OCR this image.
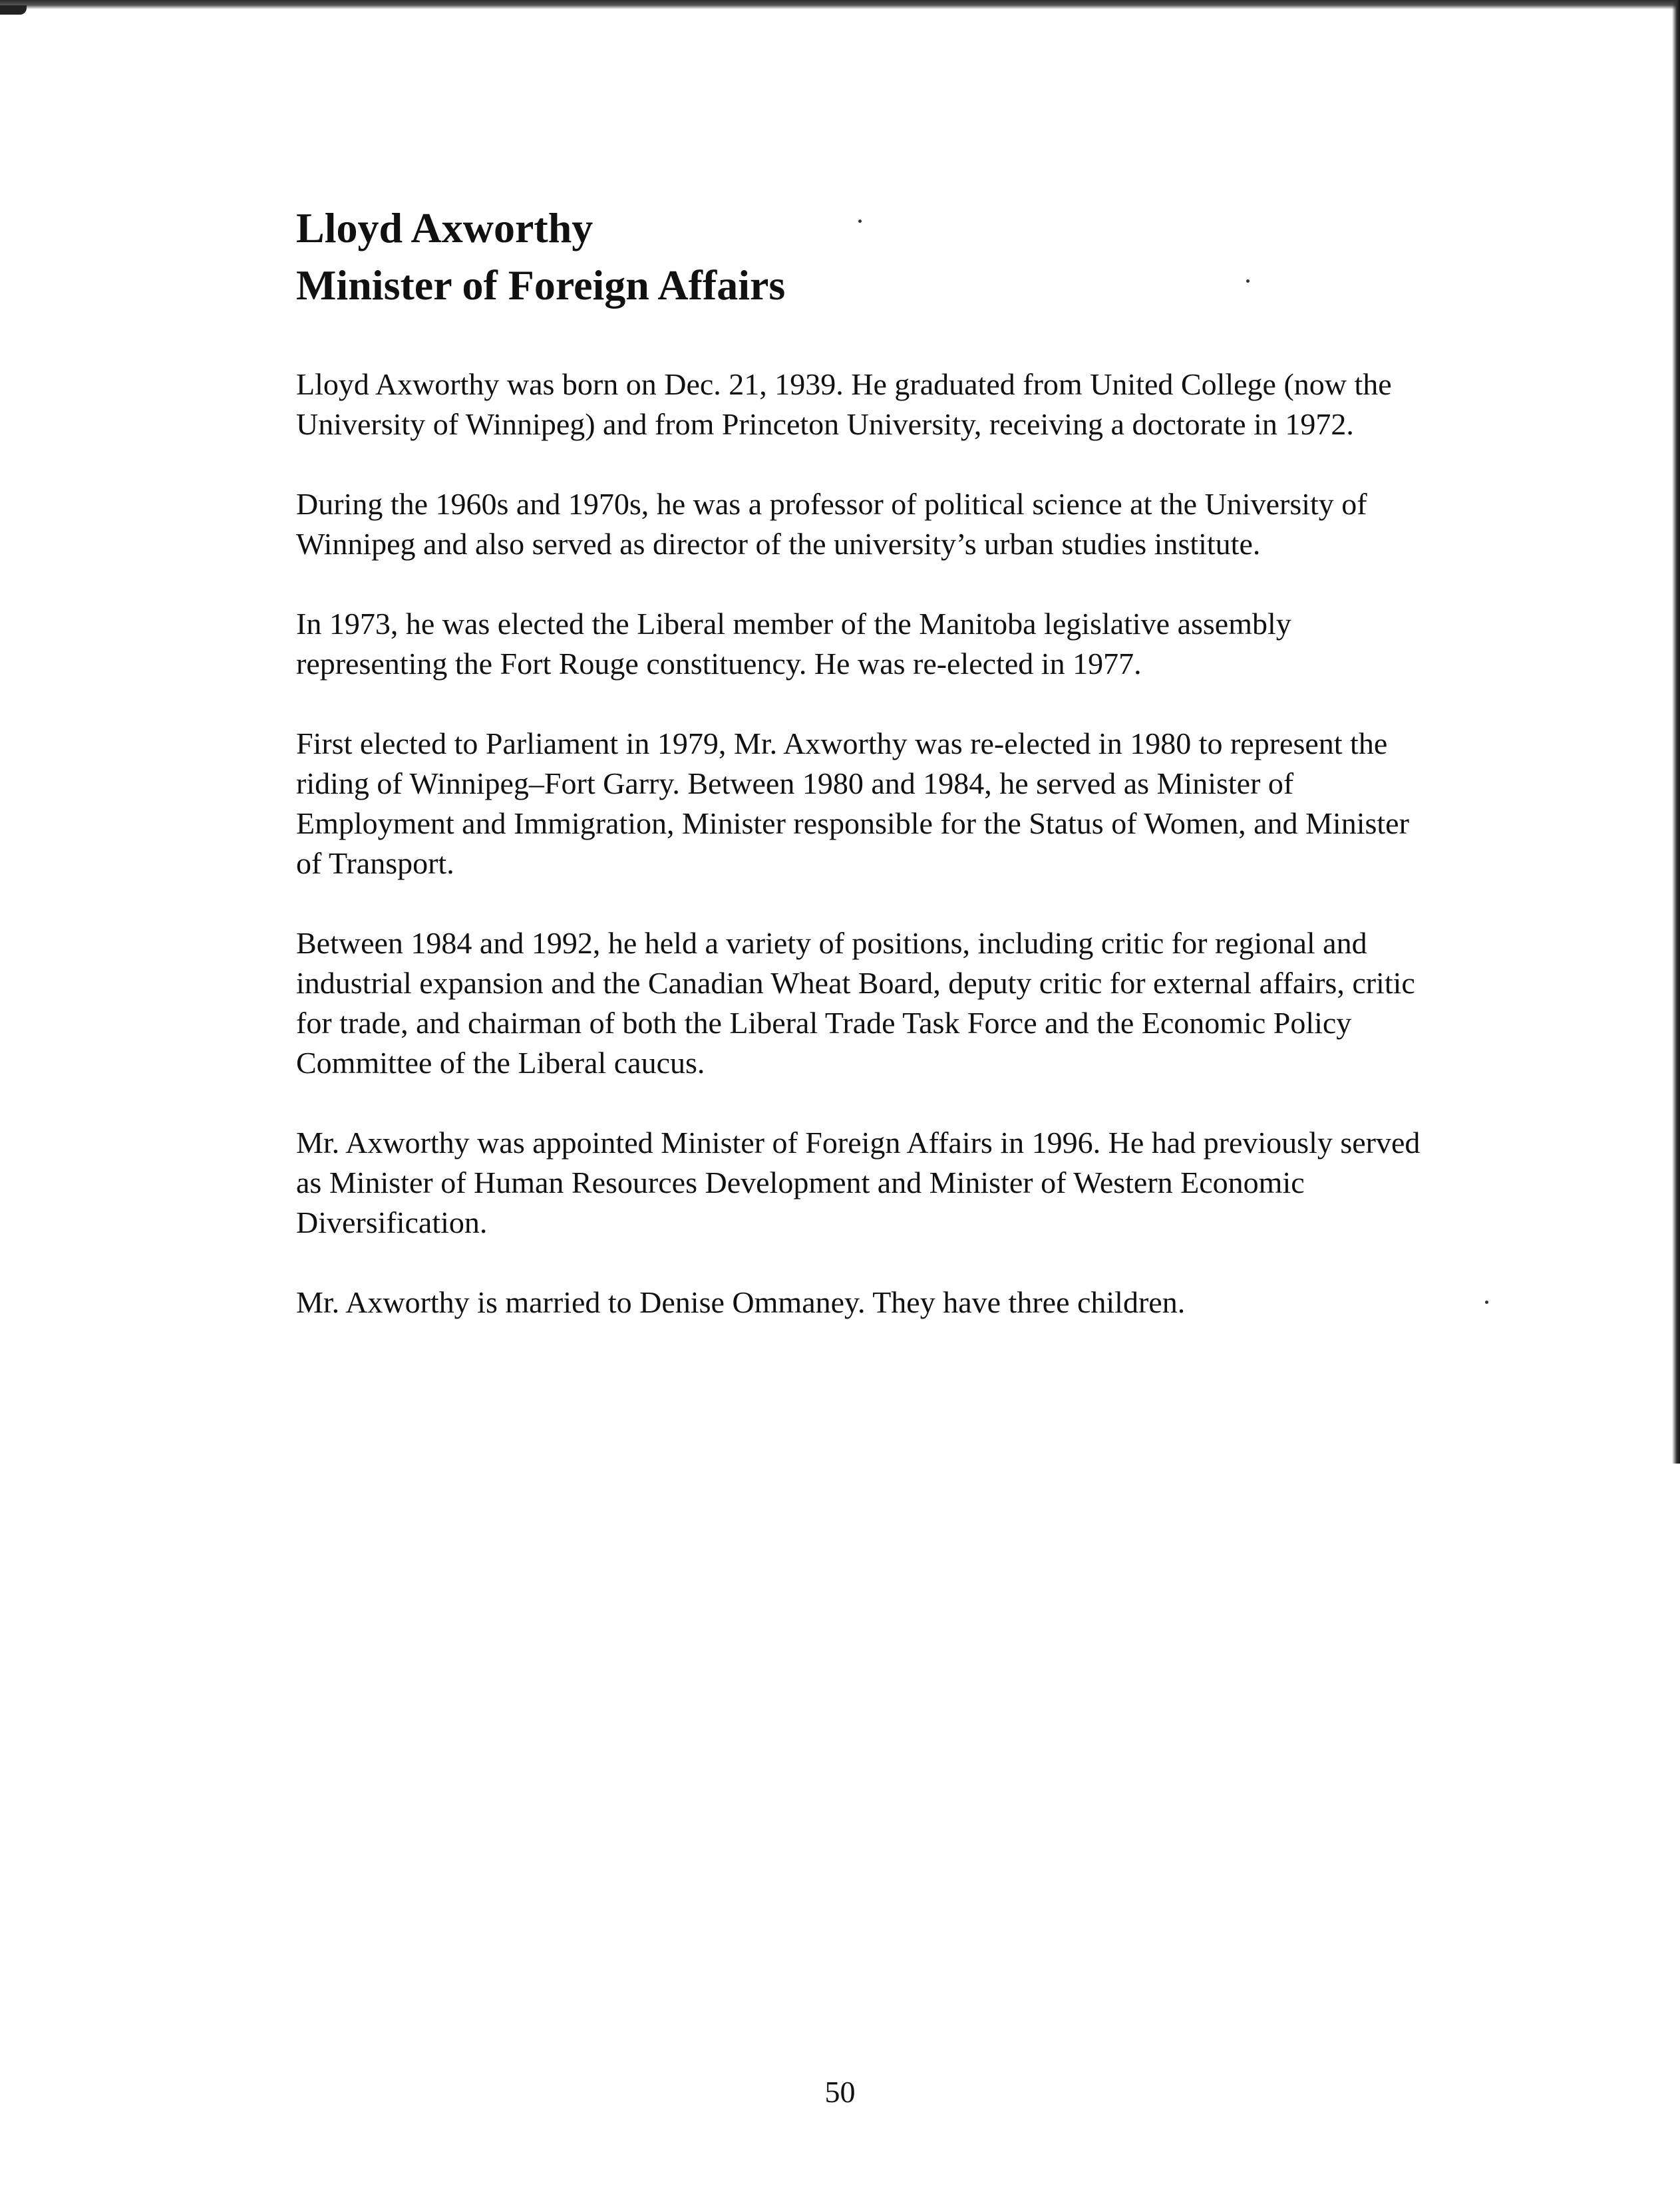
Lloyd Axworthy
Minister of Foreign Affairs

Lloyd Axworthy was born on Dec. 21, 1939. He graduated from United College (now the University of Winnipeg) and from Princeton University, receiving a doctorate in 1972.

During the 1960s and 1970s, he was a professor of political science at the University of Winnipeg and also served as director of the university’s urban studies institute.

In 1973, he was elected the Liberal member of the Manitoba legislative assembly representing the Fort Rouge constituency. He was re-elected in 1977.

First elected to Parliament in 1979, Mr. Axworthy was re-elected in 1980 to represent the riding of Winnipeg–Fort Garry. Between 1980 and 1984, he served as Minister of Employment and Immigration, Minister responsible for the Status of Women, and Minister of Transport.

Between 1984 and 1992, he held a variety of positions, including critic for regional and industrial expansion and the Canadian Wheat Board, deputy critic for external affairs, critic for trade, and chairman of both the Liberal Trade Task Force and the Economic Policy Committee of the Liberal caucus.

Mr. Axworthy was appointed Minister of Foreign Affairs in 1996. He had previously served as Minister of Human Resources Development and Minister of Western Economic Diversification.

Mr. Axworthy is married to Denise Ommaney. They have three children.

50
